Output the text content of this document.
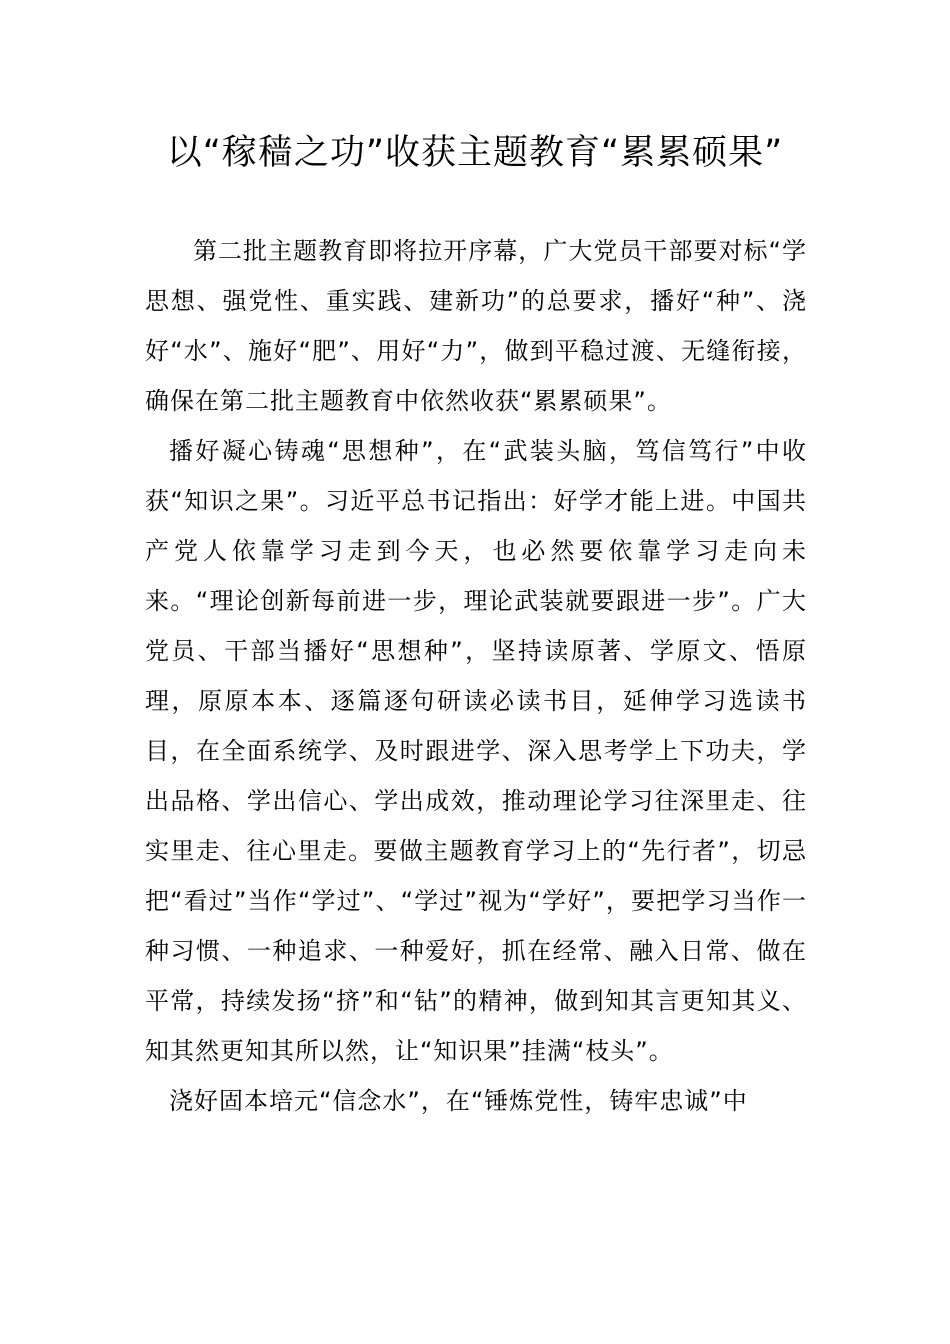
以“稼穑之功”收获主题教育“累累硕果”

第二批主题教育即将拉开序幕，广大党员干部要对标“学思想、强党性、重实践、建新功”的总要求，播好“种”、浇好“水”、施好“肥”、用好“力”，做到平稳过渡、无缝衔接，确保在第二批主题教育中依然收获“累累硕果”。

播好凝心铸魂“思想种”，在“武装头脑，笃信笃行”中收获“知识之果”。习近平总书记指出：好学才能上进。中国共产党人依靠学习走到今天，也必然要依靠学习走向未来。“理论创新每前进一步，理论武装就要跟进一步”。广大党员、干部当播好“思想种”，坚持读原著、学原文、悟原理，原原本本、逐篇逐句研读必读书目，延伸学习选读书目，在全面系统学、及时跟进学、深入思考学上下功夫，学出品格、学出信心、学出成效，推动理论学习往深里走、往实里走、往心里走。要做主题教育学习上的“先行者”，切忌把“看过”当作“学过”、“学过”视为“学好”，要把学习当作一种习惯、一种追求、一种爱好，抓在经常、融入日常、做在平常，持续发扬“挤”和“钻”的精神，做到知其言更知其义、知其然更知其所以然，让“知识果”挂满“枝头”。

浇好固本培元“信念水”，在“锤炼党性，铸牢忠诚”中
